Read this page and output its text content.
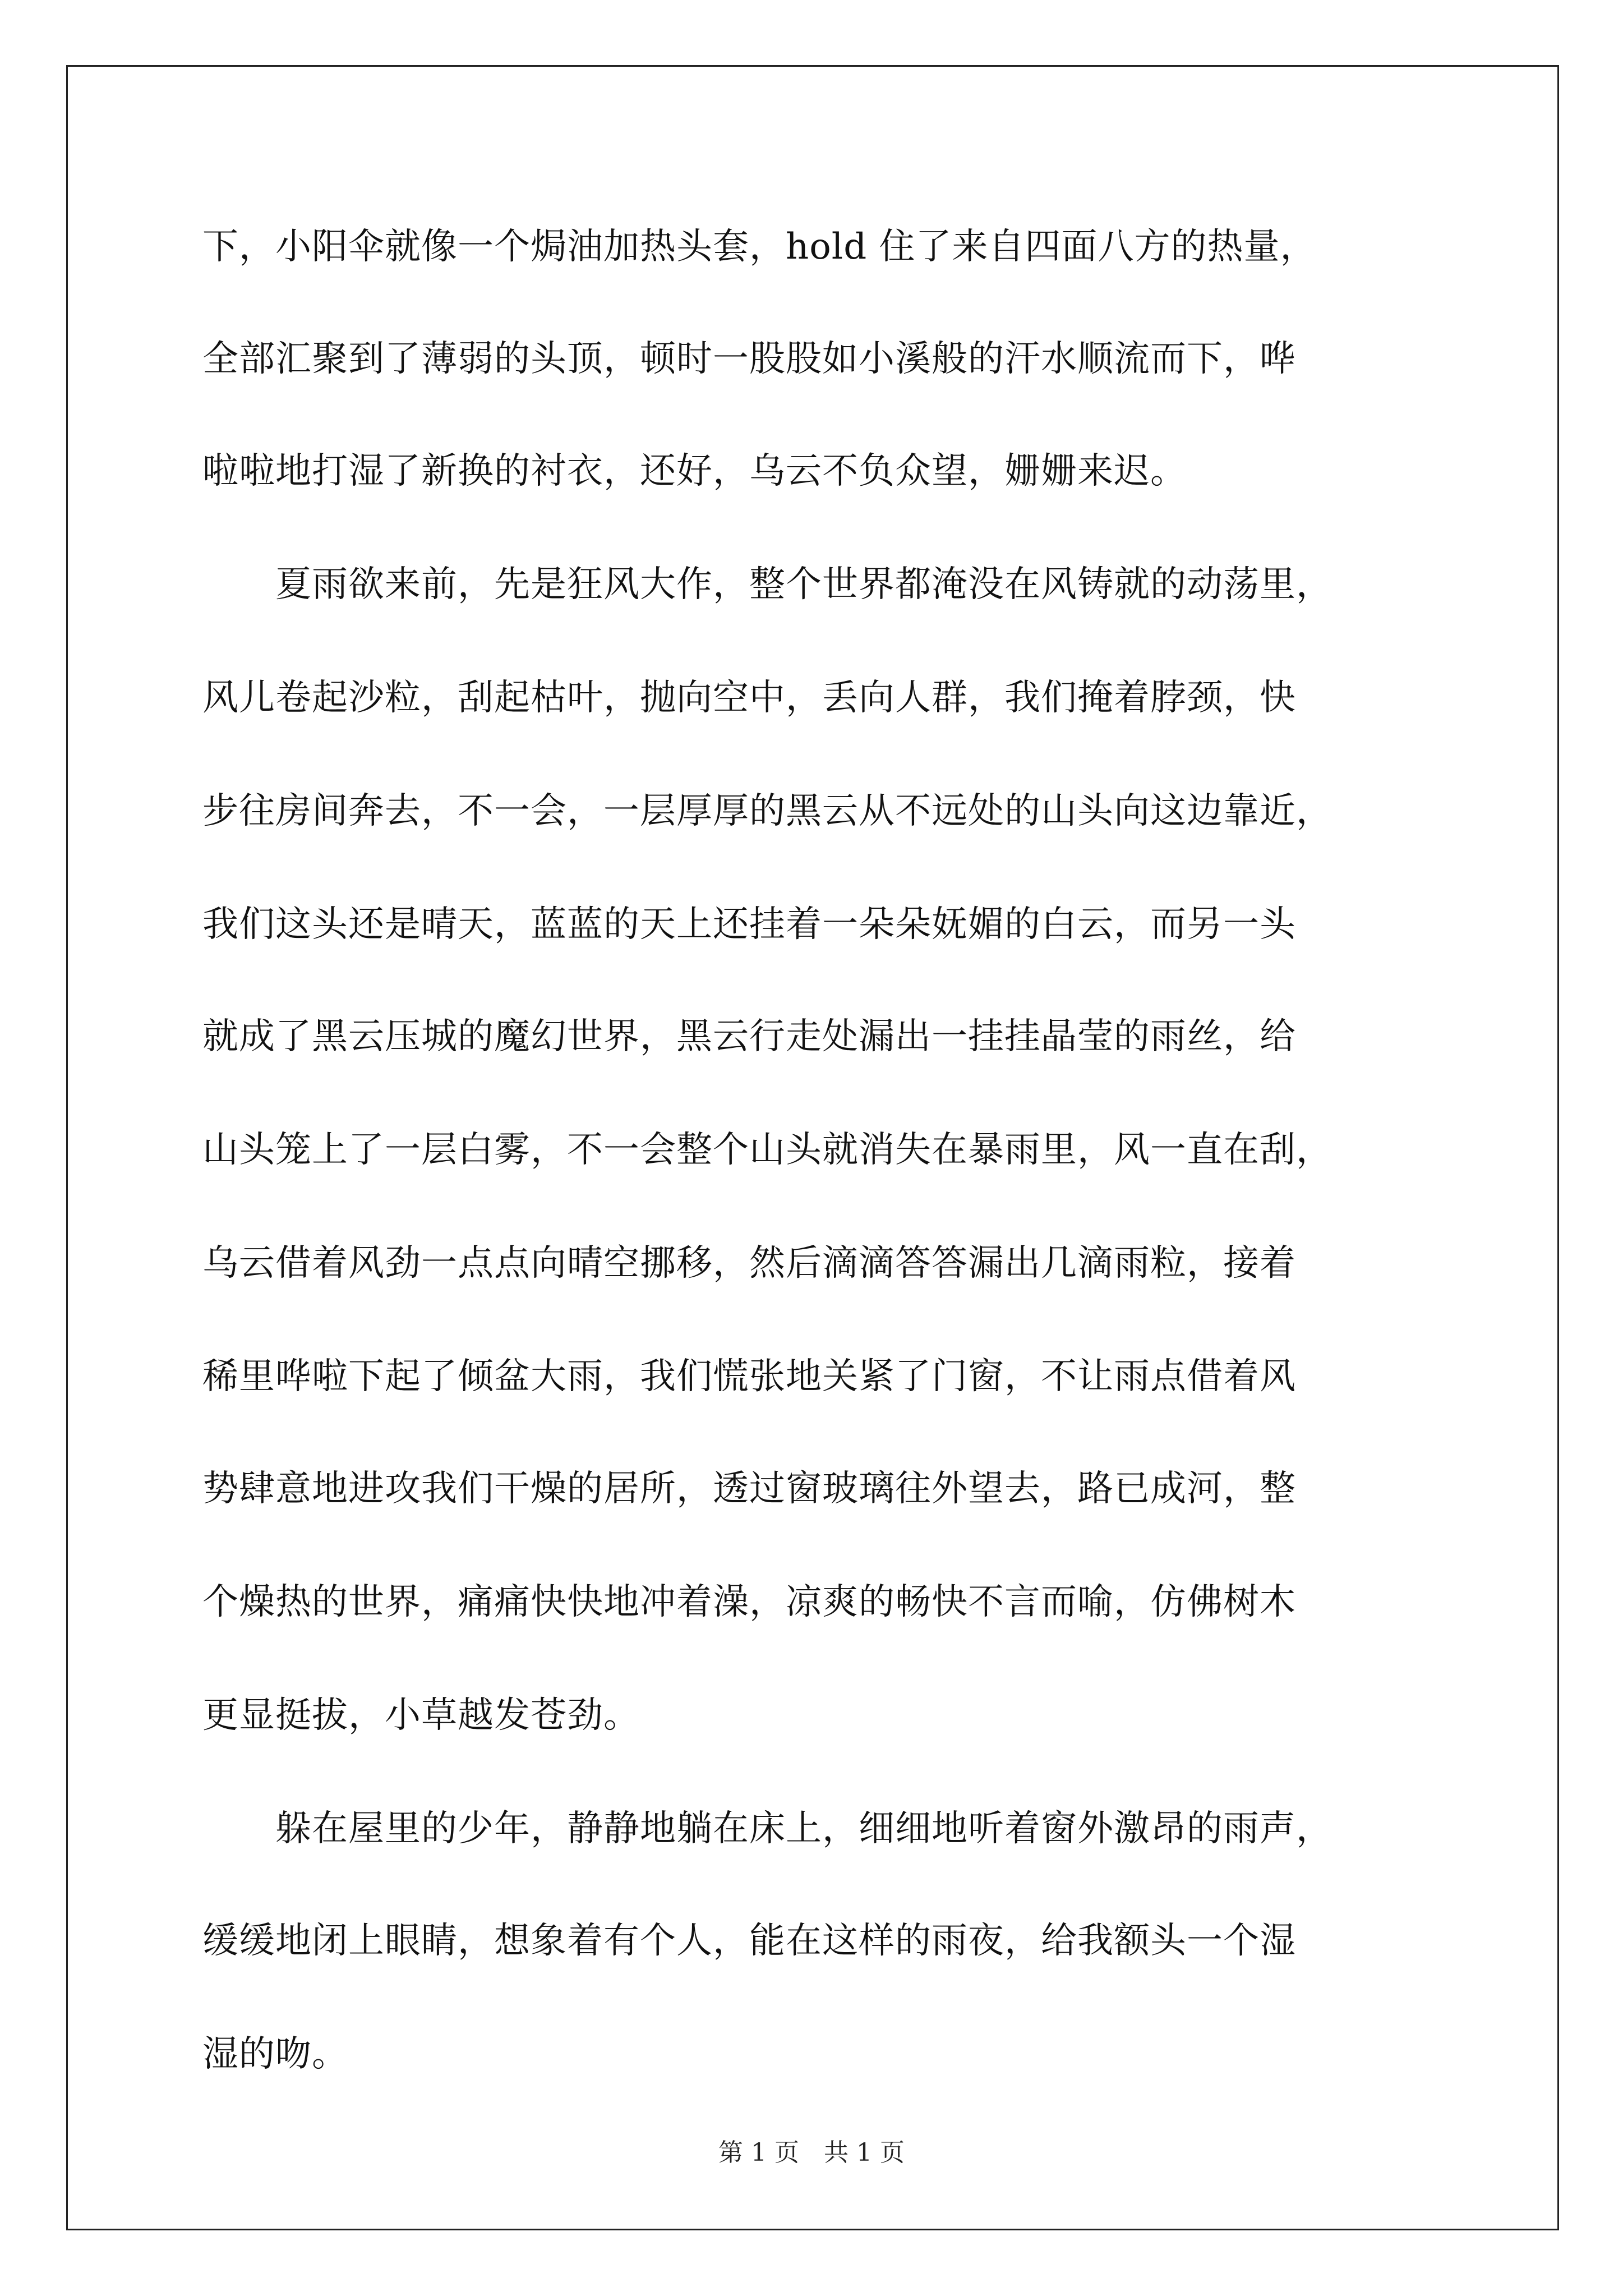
下，小阳伞就像一个焗油加热头套，hold 住了来自四面八方的热量，
全部汇聚到了薄弱的头顶，顿时一股股如小溪般的汗水顺流而下，哗
啦啦地打湿了新换的衬衣，还好，乌云不负众望，姗姗来迟。
　　夏雨欲来前，先是狂风大作，整个世界都淹没在风铸就的动荡里，
风儿卷起沙粒，刮起枯叶，抛向空中，丢向人群，我们掩着脖颈，快
步往房间奔去，不一会，一层厚厚的黑云从不远处的山头向这边靠近，
我们这头还是晴天，蓝蓝的天上还挂着一朵朵妩媚的白云，而另一头
就成了黑云压城的魔幻世界，黑云行走处漏出一挂挂晶莹的雨丝，给
山头笼上了一层白雾，不一会整个山头就消失在暴雨里，风一直在刮，
乌云借着风劲一点点向晴空挪移，然后滴滴答答漏出几滴雨粒，接着
稀里哗啦下起了倾盆大雨，我们慌张地关紧了门窗，不让雨点借着风
势肆意地进攻我们干燥的居所，透过窗玻璃往外望去，路已成河，整
个燥热的世界，痛痛快快地冲着澡，凉爽的畅快不言而喻，仿佛树木
更显挺拔，小草越发苍劲。
　　躲在屋里的少年，静静地躺在床上，细细地听着窗外激昂的雨声，
缓缓地闭上眼睛，想象着有个人，能在这样的雨夜，给我额头一个湿
湿的吻。
第 1 页　共 1 页
